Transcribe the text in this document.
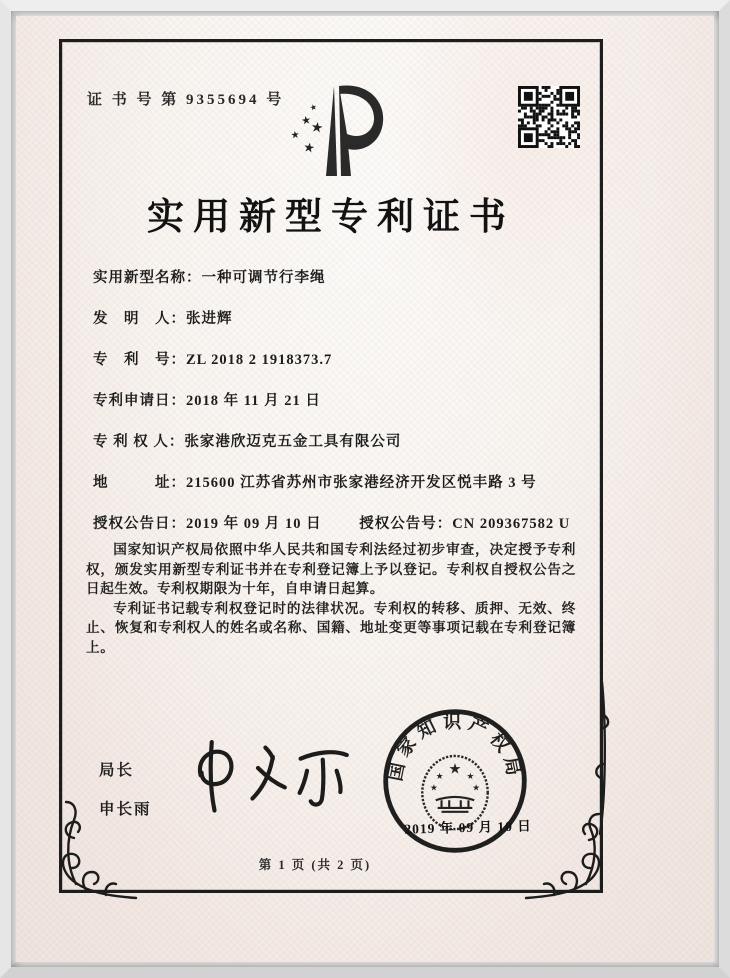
证 书 号 第 9355694 号	★
★
★
★
★
实用新型专利证书
实用新型名称：一种可调节行李绳
发　明　人：张进辉
专　利　号：ZL 2018 2 1918373.7
专利申请日：2018 年 11 月 21 日
专 利 权 人：张家港欣迈克五金工具有限公司
地　　　址：215600 江苏省苏州市张家港经济开发区悦丰路 3 号
授权公告日：2019 年 09 月 10 日	授权公告号：CN 209367582 U

国家知识产权局依照中华人民共和国专利法经过初步审查，决定授予专利权，颁发实用新型专利证书并在专利登记簿上予以登记。专利权自授权公告之日起生效。专利权期限为十年，自申请日起算。

专利证书记载专利权登记时的法律状况。专利权的转移、质押、无效、终止、恢复和专利权人的姓名或名称、国籍、地址变更等事项记载在专利登记簿上。

局长
申长雨
国家知识产权局
★
★	★
★	★
2019 年 09 月 10 日
第 1 页 (共 2 页)
